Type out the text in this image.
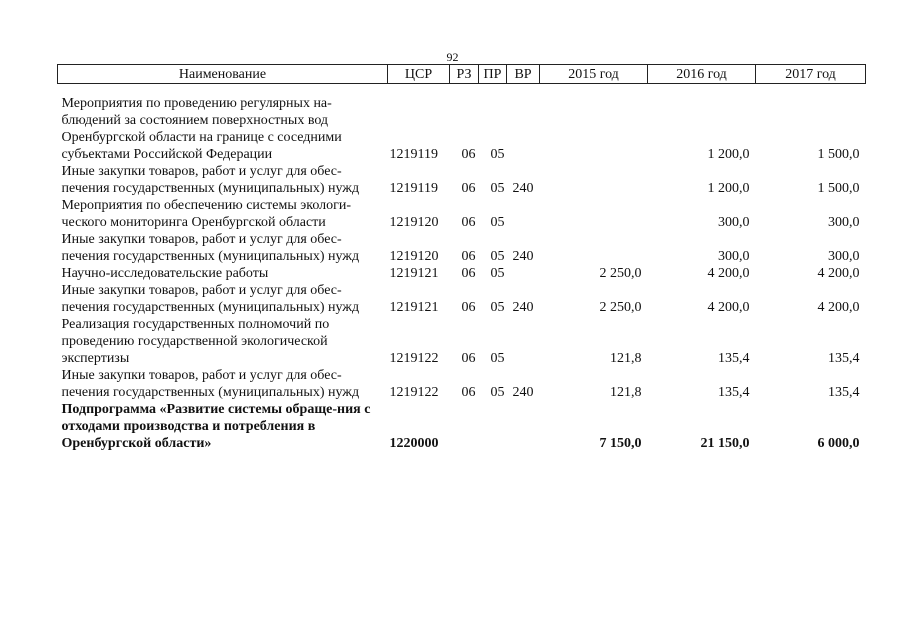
92
Наименование	ЦСР	РЗ	ПР	ВР	2015 год	2016 год	2017 год

Мероприятия по проведению регулярных на-блюдений за состоянием поверхностных вод Оренбургской области на границе с соседними субъектами Российской Федерации	1219119	06	05			1 200,0	1 500,0
Иные закупки товаров, работ и услуг для обес-печения государственных (муниципальных) нужд	1219119	06	05	240		1 200,0	1 500,0
Мероприятия по обеспечению системы экологи-ческого мониторинга Оренбургской области	1219120	06	05			300,0	300,0
Иные закупки товаров, работ и услуг для обес-печения государственных (муниципальных) нужд	1219120	06	05	240		300,0	300,0
Научно-исследовательские работы	1219121	06	05		2 250,0	4 200,0	4 200,0
Иные закупки товаров, работ и услуг для обес-печения государственных (муниципальных) нужд	1219121	06	05	240	2 250,0	4 200,0	4 200,0
Реализация государственных полномочий по проведению государственной экологической экспертизы	1219122	06	05		121,8	135,4	135,4
Иные закупки товаров, работ и услуг для обес-печения государственных (муниципальных) нужд	1219122	06	05	240	121,8	135,4	135,4
Подпрограмма «Развитие системы обраще-ния с отходами производства и потребления в Оренбургской области»	1220000				7 150,0	21 150,0	6 000,0
